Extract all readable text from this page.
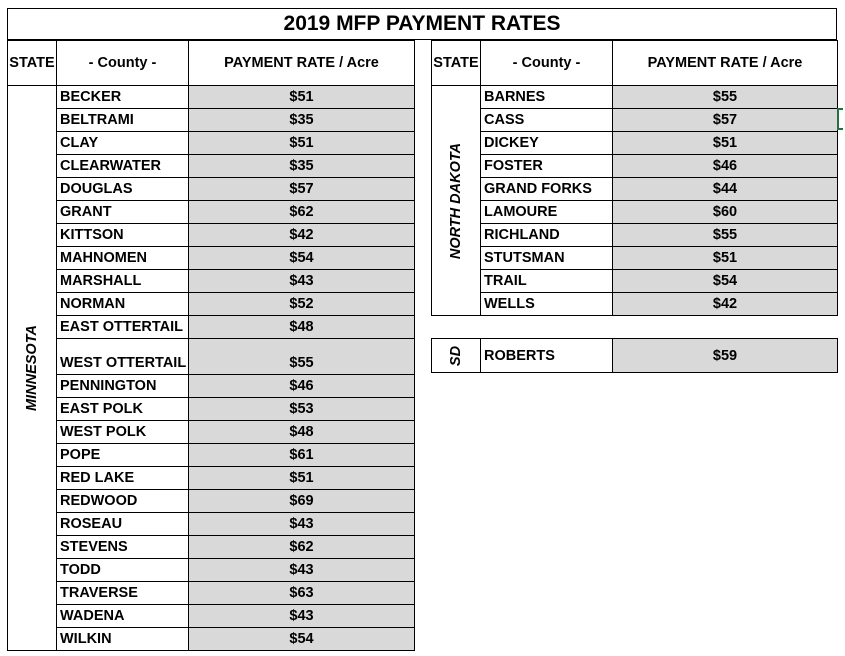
2019 MFP PAYMENT RATES
STATE	- County -	PAYMENT RATE / Acre

MINNESOTA	BECKER	$51
	BELTRAMI	$35
	CLAY	$51
	CLEARWATER	$35
	DOUGLAS	$57
	GRANT	$62
	KITTSON	$42
	MAHNOMEN	$54
	MARSHALL	$43
	NORMAN	$52
	EAST OTTERTAIL	$48
	WEST OTTERTAIL	$55
	PENNINGTON	$46
	EAST POLK	$53
	WEST POLK	$48
	POPE	$61
	RED LAKE	$51
	REDWOOD	$69
	ROSEAU	$43
	STEVENS	$62
	TODD	$43
	TRAVERSE	$63
	WADENA	$43
	WILKIN	$54
STATE	- County -	PAYMENT RATE / Acre

NORTH DAKOTA	BARNES	$55
	CASS	$57
	DICKEY	$51
	FOSTER	$46
	GRAND FORKS	$44
	LAMOURE	$60
	RICHLAND	$55
	STUTSMAN	$51
	TRAIL	$54
	WELLS	$42
SD	ROBERTS	$59
